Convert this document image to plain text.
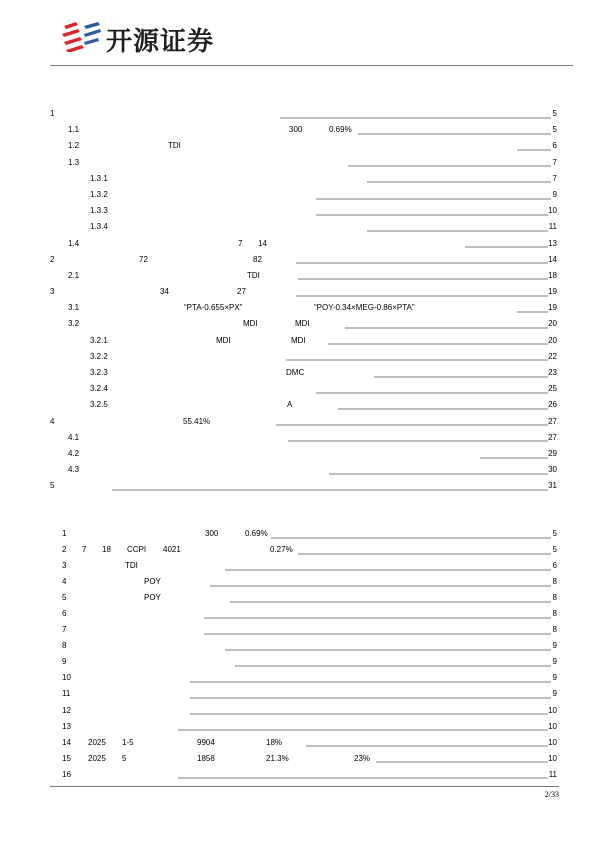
开源证券
1	5
1.1	300	0.69%	5
1.2	TDI	6
1.3	7
1.3.1	7
1.3.2	9
1.3.3	10
1.3.4	11
1.4	7 14	13
2	72	82	14
2.1	TDI	18
3	34	27	19
3.1	“PTA-0.655×PX”	“POY-0.34×MEG-0.86×PTA”	19
3.2	MDI	MDI	20
3.2.1	MDI	MDI	20
3.2.2	22
3.2.3	DMC	23
3.2.4	25
3.2.5	A	26
4	55.41%	27
4.1	27
4.2	29
4.3	30
5	31
1	300	0.69%	5
2 7 18 CCPI 4021	0.27%	5
3	TDI	6
4	POY	8
5	POY	8
6	8
7	8
8	9
9	9
10	9
11	9
12	10
13	10
14 2025 1-5	9904	18%	10
15 2025 5	1858	21.3%	23%	10
16	11
2/33
